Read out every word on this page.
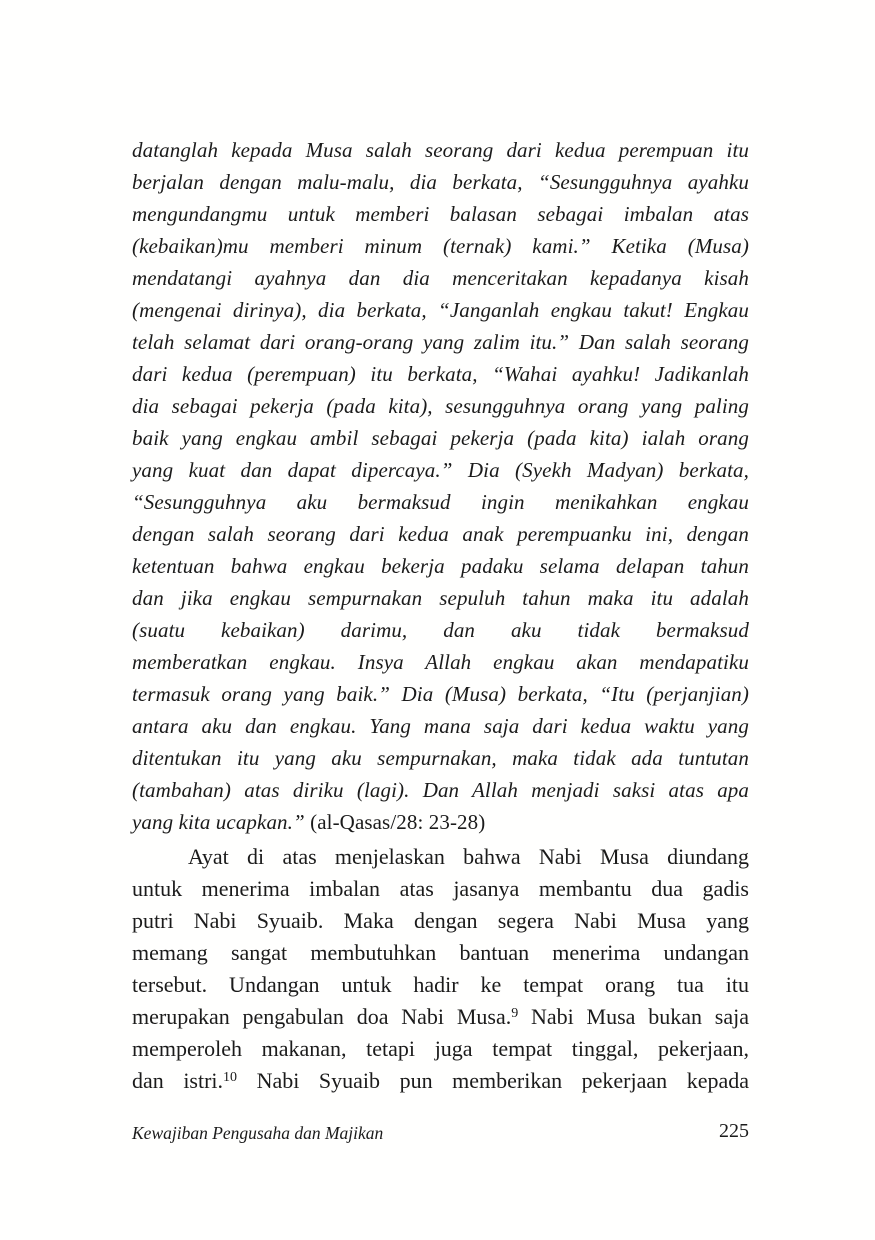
datanglah kepada Musa salah seorang dari kedua perempuan itu
berjalan dengan malu-malu, dia berkata, “Sesungguhnya ayahku
mengundangmu untuk memberi balasan sebagai imbalan atas
(kebaikan)mu memberi minum (ternak) kami.” Ketika (Musa)
mendatangi ayahnya dan dia menceritakan kepadanya kisah
(mengenai dirinya), dia berkata, “Janganlah engkau takut! Engkau
telah selamat dari orang-orang yang zalim itu.” Dan salah seorang
dari kedua (perempuan) itu berkata, “Wahai ayahku! Jadikanlah
dia sebagai pekerja (pada kita), sesungguhnya orang yang paling
baik yang engkau ambil sebagai pekerja (pada kita) ialah orang
yang kuat dan dapat dipercaya.” Dia (Syekh Madyan) berkata,
“Sesungguhnya aku bermaksud ingin menikahkan engkau
dengan salah seorang dari kedua anak perempuanku ini, dengan
ketentuan bahwa engkau bekerja padaku selama delapan tahun
dan jika engkau sempurnakan sepuluh tahun maka itu adalah
(suatu kebaikan) darimu, dan aku tidak bermaksud
memberatkan engkau. Insya Allah engkau akan mendapatiku
termasuk orang yang baik.” Dia (Musa) berkata, “Itu (perjanjian)
antara aku dan engkau. Yang mana saja dari kedua waktu yang
ditentukan itu yang aku sempurnakan, maka tidak ada tuntutan
(tambahan) atas diriku (lagi). Dan Allah menjadi saksi atas apa
yang kita ucapkan.” (al-Qasas/28: 23-28)
Ayat di atas menjelaskan bahwa Nabi Musa diundang
untuk menerima imbalan atas jasanya membantu dua gadis
putri Nabi Syuaib. Maka dengan segera Nabi Musa yang
memang sangat membutuhkan bantuan menerima undangan
tersebut. Undangan untuk hadir ke tempat orang tua itu
merupakan pengabulan doa Nabi Musa.$^9$ Nabi Musa bukan saja
memperoleh makanan, tetapi juga tempat tinggal, pekerjaan,
dan istri.$^{10}$ Nabi Syuaib pun memberikan pekerjaan kepada
Kewajiban Pengusaha dan Majikan	225
